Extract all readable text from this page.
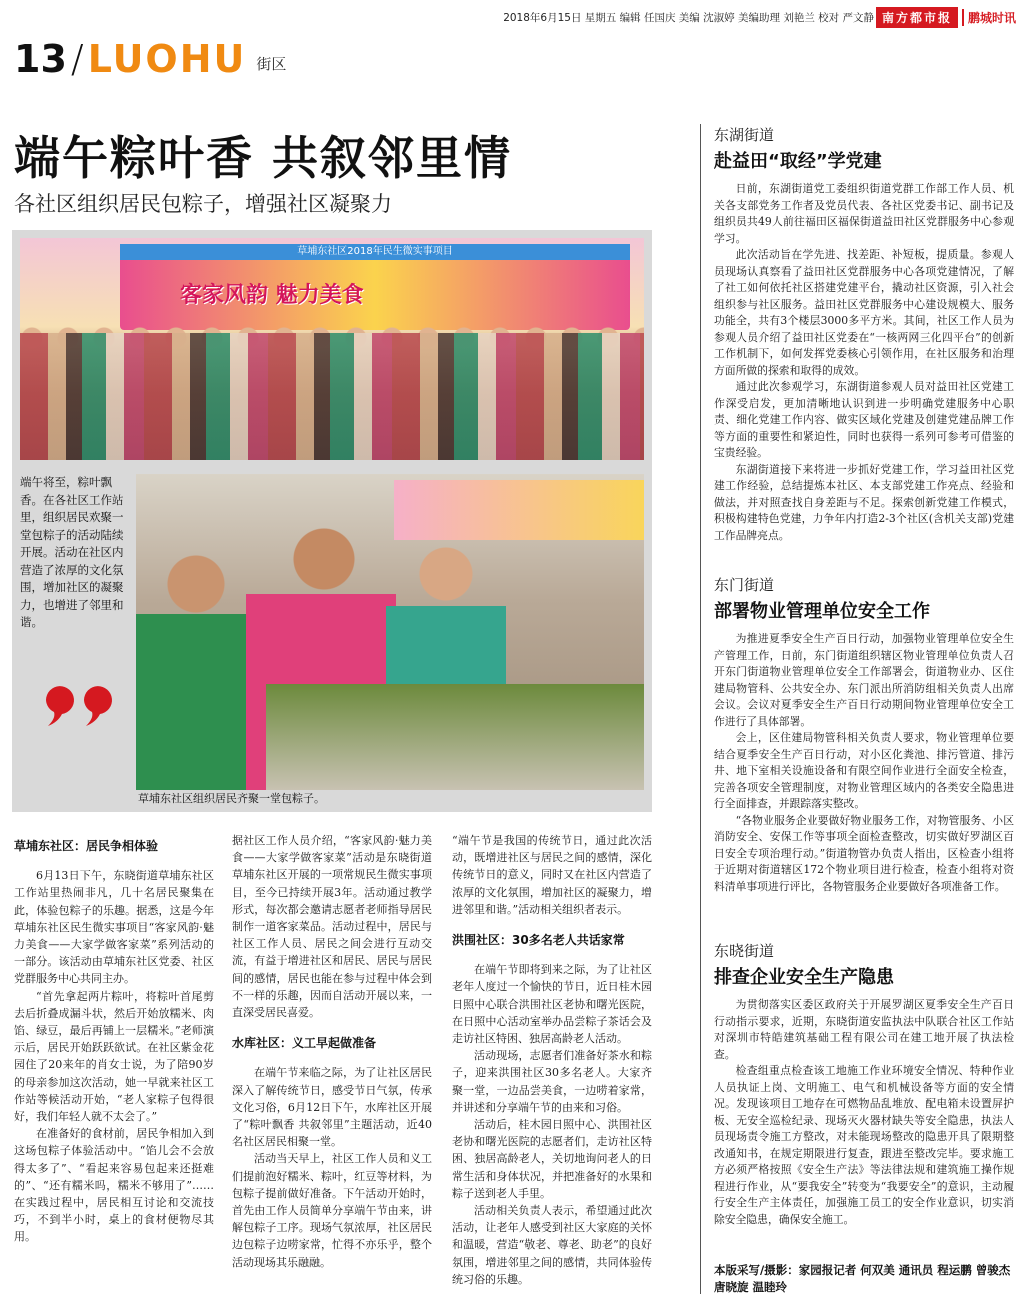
2018年6月15日 星期五 编辑 任国庆 美编 沈淑婷 美编助理 刘艳兰 校对 严文静 南方都市报	鹏城时讯
13 / LUOHU 街区
端午粽叶香 共叙邻里情
各社区组织居民包粽子，增强社区凝聚力
草埔东社区2018年民生微实事项目
客家风韵 魅力美食
端午将至，粽叶飘香。在各社区工作站里，组织居民欢聚一堂包粽子的活动陆续开展。活动在社区内营造了浓厚的文化氛围，增加社区的凝聚力，也增进了邻里和谐。
草埔东社区组织居民齐聚一堂包粽子。
草埔东社区：居民争相体验

6月13日下午，东晓街道草埔东社区工作站里热闹非凡，几十名居民聚集在此，体验包粽子的乐趣。据悉，这是今年草埔东社区民生微实事项目“客家风韵·魅力美食——大家学做客家菜”系列活动的一部分。该活动由草埔东社区党委、社区党群服务中心共同主办。

“首先拿起两片粽叶，将粽叶首尾剪去后折叠成漏斗状，然后开始放糯米、肉馅、绿豆，最后再铺上一层糯米。”老师演示后，居民开始跃跃欲试。在社区紫金花园住了20来年的肖女士说，为了陪90岁的母亲参加这次活动，她一早就来社区工作站等候活动开始，“老人家粽子包得很好，我们年轻人就不太会了。”

在准备好的食材前，居民争相加入到这场包粽子体验活动中。“馅儿会不会放得太多了”、“看起来容易包起来还挺难的”、“还有糯米吗，糯米不够用了”……在实践过程中，居民相互讨论和交流技巧，不到半小时，桌上的食材便物尽其用。

据社区工作人员介绍，“客家风韵·魅力美食——大家学做客家菜”活动是东晓街道草埔东社区开展的一项常规民生微实事项目，至今已持续开展3年。活动通过教学形式，每次都会邀请志愿者老师指导居民制作一道客家菜品。活动过程中，居民与社区工作人员、居民之间会进行互动交流，有益于增进社区和居民、居民与居民间的感情，居民也能在参与过程中体会到不一样的乐趣，因而自活动开展以来，一直深受居民喜爱。

水库社区：义工早起做准备

在端午节来临之际，为了让社区居民深入了解传统节日，感受节日气氛，传承文化习俗，6月12日下午，水库社区开展了“粽叶飘香 共叙邻里”主题活动，近40名社区居民相聚一堂。

活动当天早上，社区工作人员和义工们提前泡好糯米、粽叶，红豆等材料，为包粽子提前做好准备。下午活动开始时，首先由工作人员简单分享端午节由来，讲解包粽子工序。现场气氛浓厚，社区居民边包粽子边唠家常，忙得不亦乐乎，整个活动现场其乐融融。

“端午节是我国的传统节日，通过此次活动，既增进社区与居民之间的感情，深化传统节日的意义，同时又在社区内营造了浓厚的文化氛围，增加社区的凝聚力，增进邻里和谐。”活动相关组织者表示。

洪围社区：30多名老人共话家常

在端午节即将到来之际，为了让社区老年人度过一个愉快的节日，近日桂木园日照中心联合洪围社区老协和曙光医院，在日照中心活动室举办品尝粽子茶话会及走访社区特困、独居高龄老人活动。

活动现场，志愿者们准备好茶水和粽子，迎来洪围社区30多名老人。大家齐聚一堂，一边品尝美食，一边唠着家常，并讲述和分享端午节的由来和习俗。

活动后，桂木园日照中心、洪围社区老协和曙光医院的志愿者们，走访社区特困、独居高龄老人，关切地询问老人的日常生活和身体状况，并把准备好的水果和粽子送到老人手里。

活动相关负责人表示，希望通过此次活动，让老年人感受到社区大家庭的关怀和温暖，营造“敬老、尊老、助老”的良好氛围，增进邻里之间的感情，共同体验传统习俗的乐趣。

东湖街道
赴益田“取经”学党建

日前，东湖街道党工委组织街道党群工作部工作人员、机关各支部党务工作者及党员代表、各社区党委书记、副书记及组织员共49人前往福田区福保街道益田社区党群服务中心参观学习。

此次活动旨在学先进、找差距、补短板，提质量。参观人员现场认真察看了益田社区党群服务中心各项党建情况，了解了社工如何依托社区搭建党建平台，撬动社区资源，引入社会组织参与社区服务。益田社区党群服务中心建设规模大、服务功能全，共有3个楼层3000多平方米。其间，社区工作人员为参观人员介绍了益田社区党委在“一核两网三化四平台”的创新工作机制下，如何发挥党委核心引领作用，在社区服务和治理方面所做的探索和取得的成效。

通过此次参观学习，东湖街道参观人员对益田社区党建工作深受启发，更加清晰地认识到进一步明确党建服务中心职责、细化党建工作内容、做实区域化党建及创建党建品牌工作等方面的重要性和紧迫性，同时也获得一系列可参考可借鉴的宝贵经验。

东湖街道接下来将进一步抓好党建工作，学习益田社区党建工作经验，总结提炼本社区、本支部党建工作亮点、经验和做法，并对照查找自身差距与不足。探索创新党建工作模式，积极构建特色党建，力争年内打造2-3个社区(含机关支部)党建工作品牌亮点。

东门街道
部署物业管理单位安全工作

为推进夏季安全生产百日行动，加强物业管理单位安全生产管理工作，日前，东门街道组织辖区物业管理单位负责人召开东门街道物业管理单位安全工作部署会，街道物业办、区住建局物管科、公共安全办、东门派出所消防组相关负责人出席会议。会议对夏季安全生产百日行动期间物业管理单位安全工作进行了具体部署。

会上，区住建局物管科相关负责人要求，物业管理单位要结合夏季安全生产百日行动，对小区化粪池、排污管道、排污井、地下室相关设施设备和有限空间作业进行全面安全检查，完善各项安全管理制度，对物业管理区域内的各类安全隐患进行全面排查，并跟踪落实整改。

“各物业服务企业要做好物业服务工作，对物管服务、小区消防安全、安保工作等事项全面检查整改，切实做好罗湖区百日安全专项治理行动。”街道物管办负责人指出，区检查小组将于近期对街道辖区172个物业项目进行检查，检查小组将对资料清单事项进行评比，各物管服务企业要做好各项准备工作。

东晓街道
排查企业安全生产隐患

为贯彻落实区委区政府关于开展罗湖区夏季安全生产百日行动指示要求，近期，东晓街道安监执法中队联合社区工作站对深圳市特皓建筑基础工程有限公司在建工地开展了执法检查。

检查组重点检查该工地施工作业环境安全情况、特种作业人员执证上岗、文明施工、电气和机械设备等方面的安全情况。发现该项目工地存在可燃物品乱堆放、配电箱未设置屏护板、无安全巡检纪录、现场灭火器材缺失等安全隐患，执法人员现场责令施工方整改，对未能现场整改的隐患开具了限期整改通知书，在规定期限进行复查，跟进至整改完毕。要求施工方必须严格按照《安全生产法》等法律法规和建筑施工操作规程进行作业，从“要我安全”转变为“我要安全”的意识，主动履行安全生产主体责任，加强施工员工的安全作业意识，切实消除安全隐患，确保安全施工。

本版采写/摄影：家园报记者 何双美 通讯员 程运鹏 曾骏杰 唐晓旋 温睦玲
